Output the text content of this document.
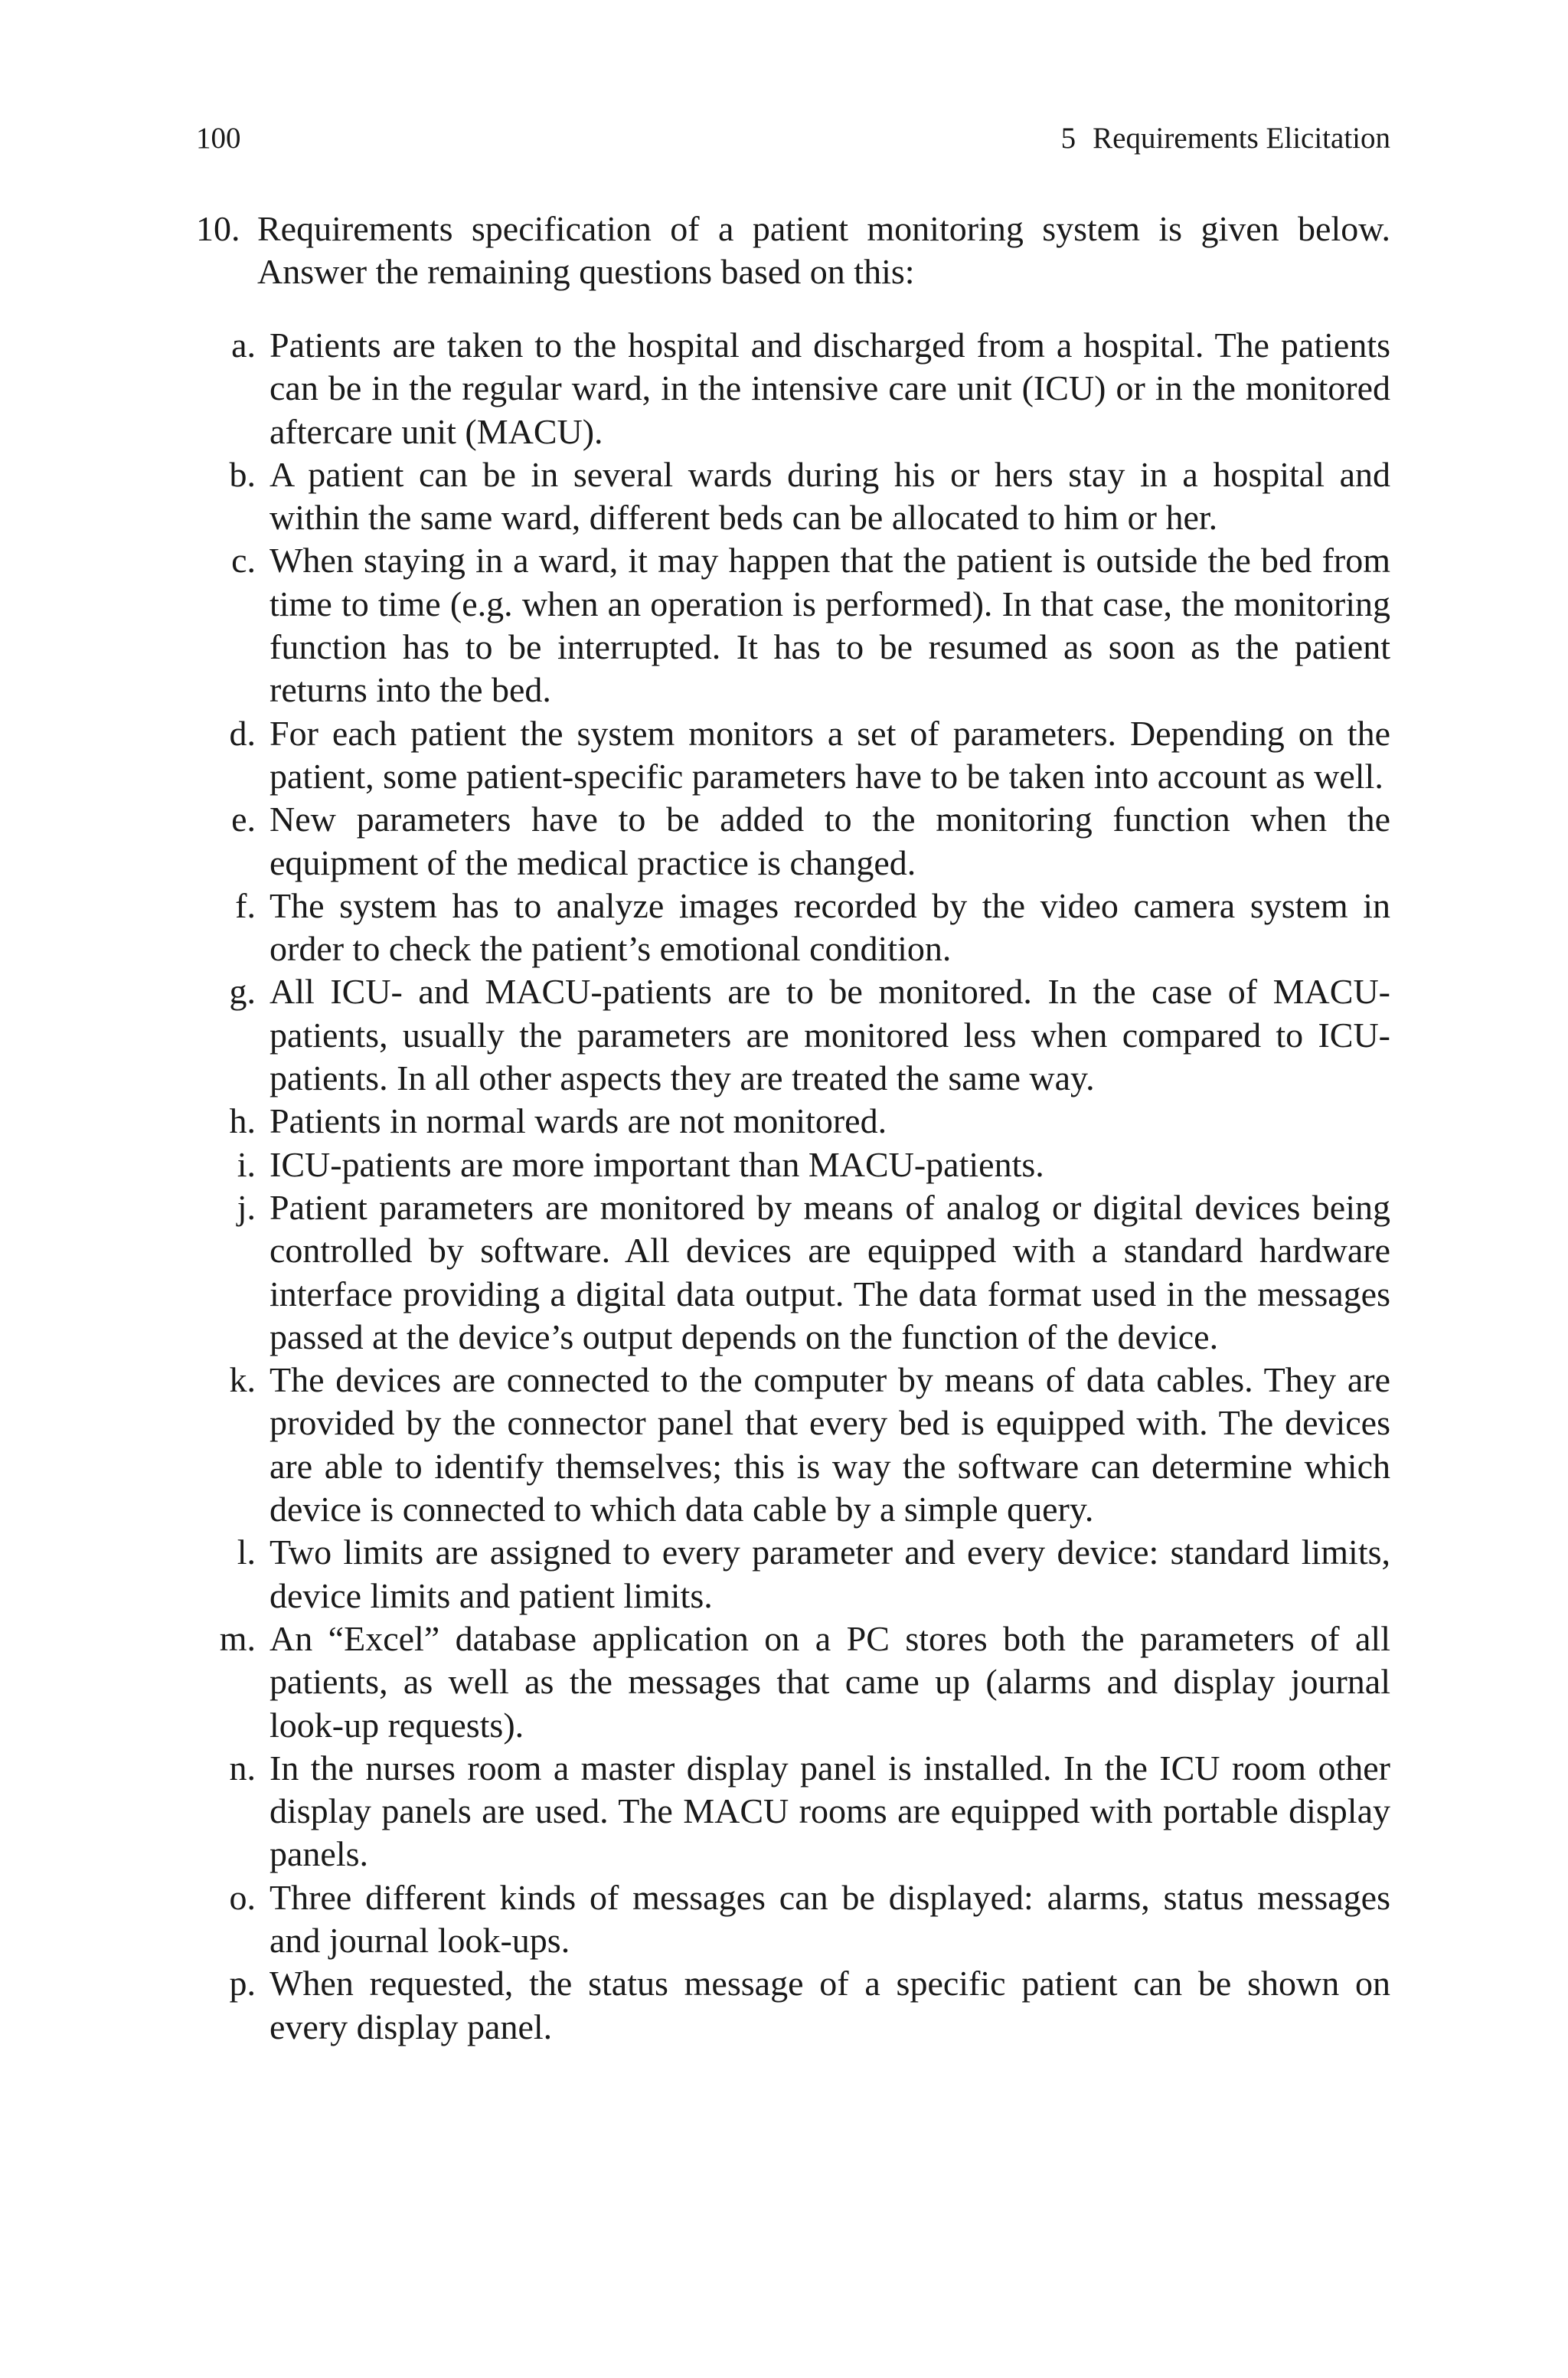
100	5 Requirements Elicitation
10. Requirements specification of a patient monitoring system is given below. Answer the remaining questions based on this:
a. Patients are taken to the hospital and discharged from a hospital. The patients can be in the regular ward, in the intensive care unit (ICU) or in the monitored aftercare unit (MACU).
b. A patient can be in several wards during his or hers stay in a hospital and within the same ward, different beds can be allocated to him or her.
c. When staying in a ward, it may happen that the patient is outside the bed from time to time (e.g. when an operation is performed). In that case, the monitoring function has to be interrupted. It has to be resumed as soon as the patient returns into the bed.
d. For each patient the system monitors a set of parameters. Depending on the patient, some patient-specific parameters have to be taken into account as well.
e. New parameters have to be added to the monitoring function when the equipment of the medical practice is changed.
f. The system has to analyze images recorded by the video camera system in order to check the patient’s emotional condition.
g. All ICU- and MACU-patients are to be monitored. In the case of MACU-patients, usually the parameters are monitored less when compared to ICU-patients. In all other aspects they are treated the same way.
h. Patients in normal wards are not monitored.
i. ICU-patients are more important than MACU-patients.
j. Patient parameters are monitored by means of analog or digital devices being controlled by software. All devices are equipped with a standard hardware interface providing a digital data output. The data format used in the messages passed at the device’s output depends on the function of the device.
k. The devices are connected to the computer by means of data cables. They are provided by the connector panel that every bed is equipped with. The devices are able to identify themselves; this is way the software can determine which device is connected to which data cable by a simple query.
l. Two limits are assigned to every parameter and every device: standard limits, device limits and patient limits.
m. An “Excel” database application on a PC stores both the parameters of all patients, as well as the messages that came up (alarms and display journal look-up requests).
n. In the nurses room a master display panel is installed. In the ICU room other display panels are used. The MACU rooms are equipped with portable display panels.
o. Three different kinds of messages can be displayed: alarms, status messages and journal look-ups.
p. When requested, the status message of a specific patient can be shown on every display panel.
